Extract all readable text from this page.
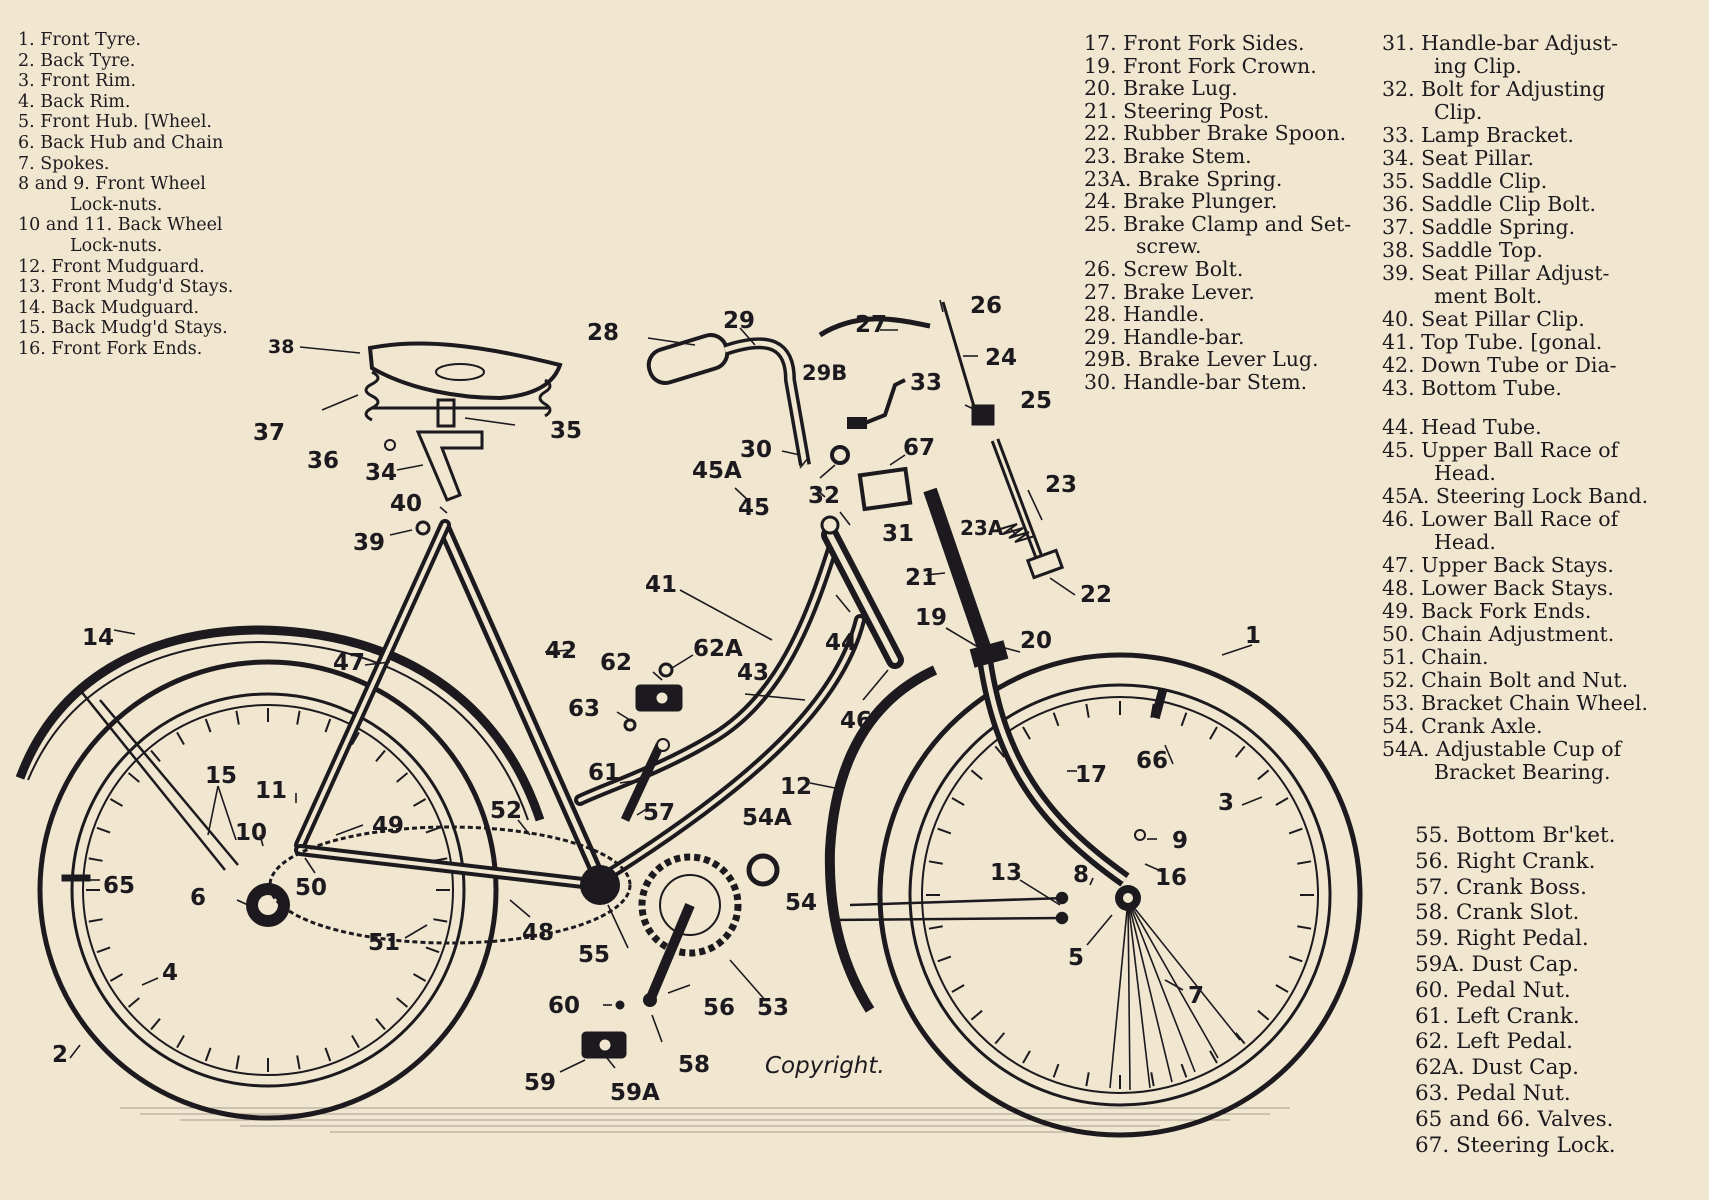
1
2
3
4
5
6
7
8
9
10
11	12
13
14
15
16
17
19
20
21
22
23
23A
24
25
26
27
28	29
29B
30
31
32
33
34
35
36
37
38
39
40
41
42
43
44
45
45A
46
47
48
49
50
51
52
54
54A
53
55
56
57
58
59 59A
60
61
62
62A
63
65
66
67
Copyright.
1. Front Tyre.
2. Back Tyre.
3. Front Rim.
4. Back Rim.
5. Front Hub. [Wheel.
6. Back Hub and Chain
7. Spokes.
8 and 9. Front Wheel
Lock-nuts.
10 and 11. Back Wheel
Lock-nuts.
12. Front Mudguard.
13. Front Mudg'd Stays.
14. Back Mudguard.
15. Back Mudg'd Stays.
16. Front Fork Ends.
17. Front Fork Sides.
19. Front Fork Crown.
20. Brake Lug.
21. Steering Post.
22. Rubber Brake Spoon.
23. Brake Stem.
23A. Brake Spring.
24. Brake Plunger.
25. Brake Clamp and Set-
screw.
26. Screw Bolt.
27. Brake Lever.
28. Handle.
29. Handle-bar.
29B. Brake Lever Lug.
30. Handle-bar Stem.
31. Handle-bar Adjust-
ing Clip.
32. Bolt for Adjusting
Clip.
33. Lamp Bracket.
34. Seat Pillar.
35. Saddle Clip.
36. Saddle Clip Bolt.
37. Saddle Spring.
38. Saddle Top.
39. Seat Pillar Adjust-
ment Bolt.
40. Seat Pillar Clip.
41. Top Tube. [gonal.
42. Down Tube or Dia-
43. Bottom Tube.
44. Head Tube.
45. Upper Ball Race of
Head.
45A. Steering Lock Band.
46. Lower Ball Race of
Head.
47. Upper Back Stays.
48. Lower Back Stays.
49. Back Fork Ends.
50. Chain Adjustment.
51. Chain.
52. Chain Bolt and Nut.
53. Bracket Chain Wheel.
54. Crank Axle.
54A. Adjustable Cup of
Bracket Bearing.
55. Bottom Br'ket.
56. Right Crank.
57. Crank Boss.
58. Crank Slot.
59. Right Pedal.
59A. Dust Cap.
60. Pedal Nut.
61. Left Crank.
62. Left Pedal.
62A. Dust Cap.
63. Pedal Nut.
65 and 66. Valves.
67. Steering Lock.
